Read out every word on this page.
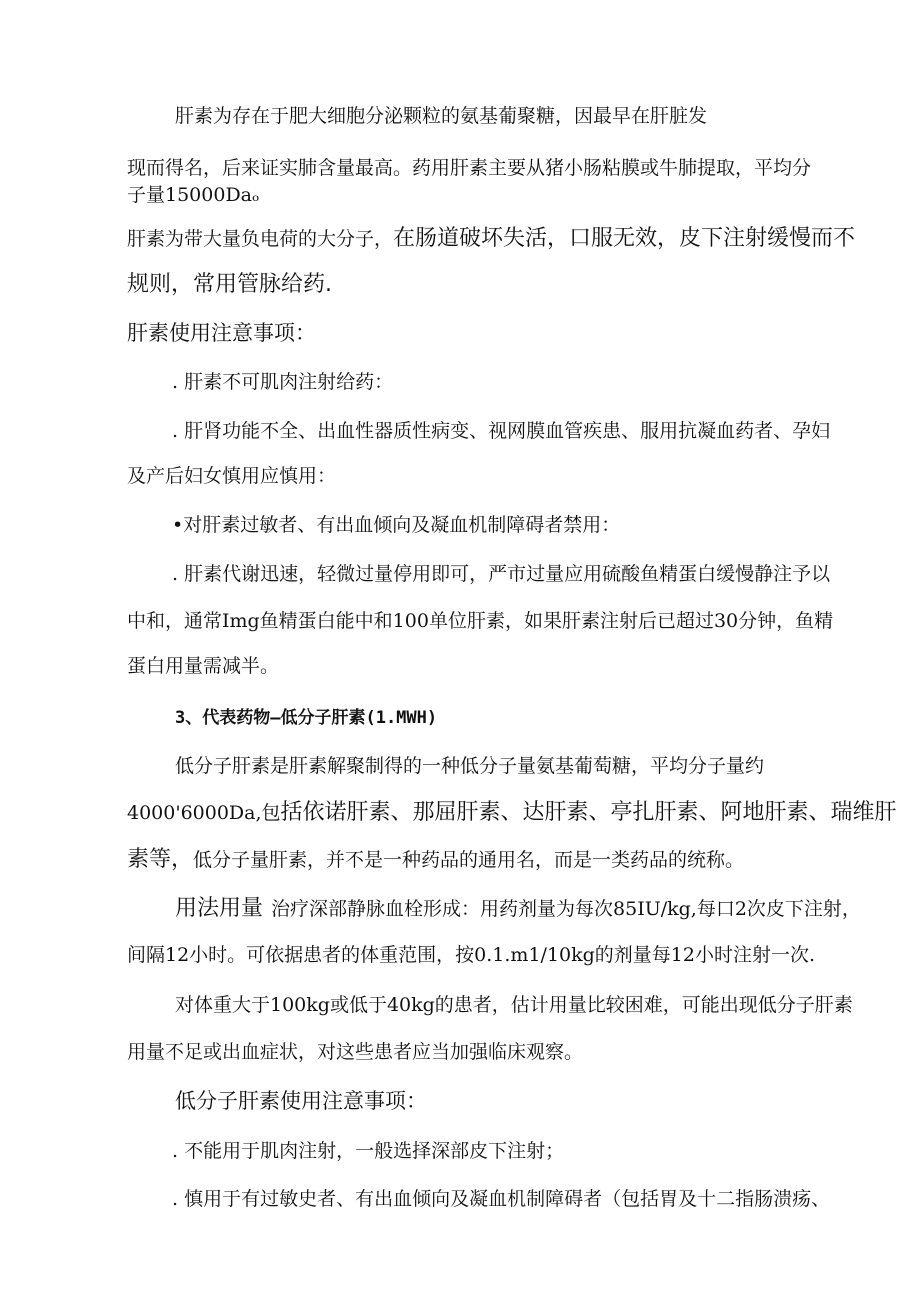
肝素为存在于肥大细胞分泌颗粒的氨基葡聚糖，因最早在肝脏发
现而得名，后来证实肺含量最高。药用肝素主要从猪小肠粘膜或牛肺提取，平均分
子量15000Daₒ
肝素为带大量负电荷的大分子，在肠道破坏失活，口服无效，皮下注射缓慢而不
规则，常用管脉给药.
肝素使用注意事项：
. 肝素不可肌肉注射给药：
. 肝肾功能不全、出血性器质性病变、视网膜血管疾患、服用抗凝血药者、孕妇
及产后妇女慎用应慎用：
•对肝素过敏者、有出血倾向及凝血机制障碍者禁用：
. 肝素代谢迅速，轻微过量停用即可，严市过量应用硫酸鱼精蛋白缓慢静注予以
中和，通常Img鱼精蛋白能中和100单位肝素，如果肝素注射后已超过30分钟，鱼精
蛋白用量需减半。
3、代表药物—低分子肝素(1.MWH)
低分子肝素是肝素解聚制得的一种低分子量氨基葡萄糖，平均分子量约
4000'6000Da,包括依诺肝素、那屈肝素、达肝素、亭扎肝素、阿地肝素、瑞维肝
素等，低分子量肝素，并不是一种药品的通用名，而是一类药品的统称。
用法用量 治疗深部静脉血栓形成：用药剂量为每次85IU/kg,每口2次皮下注射，
间隔12小时。可依据患者的体重范围，按0.1.m1/10kg的剂量每12小时注射一次.
对体重大于100kg或低于40kg的患者，估计用量比较困难，可能出现低分子肝素
用量不足或出血症状，对这些患者应当加强临床观察。
低分子肝素使用注意事项：
. 不能用于肌肉注射，一般选择深部皮下注射；
. 慎用于有过敏史者、有出血倾向及凝血机制障碍者（包括胃及十二指肠溃疡、
